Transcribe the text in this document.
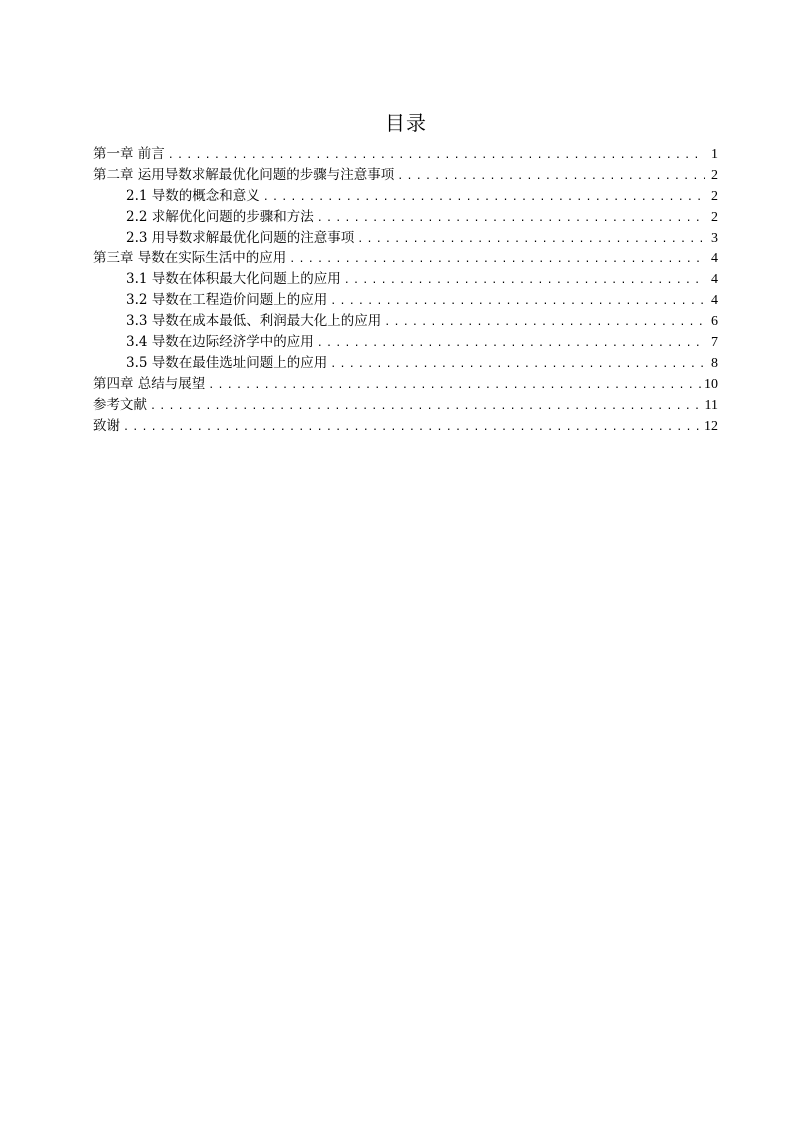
目录
第一章 前言 .....	1
第二章 运用导数求解最优化问题的步骤与注意事项 .....	2
2.1 导数的概念和意义 .....	2
2.2 求解优化问题的步骤和方法 .....	2
2.3 用导数求解最优化问题的注意事项 .....	3
第三章 导数在实际生活中的应用 .....	4
3.1 导数在体积最大化问题上的应用 .....	4
3.2 导数在工程造价问题上的应用 .....	4
3.3 导数在成本最低、利润最大化上的应用 .....	6
3.4 导数在边际经济学中的应用 .....	7
3.5 导数在最佳选址问题上的应用 .....	8
第四章 总结与展望 .....	10
参考文献 .....	11
致谢 .....	12
